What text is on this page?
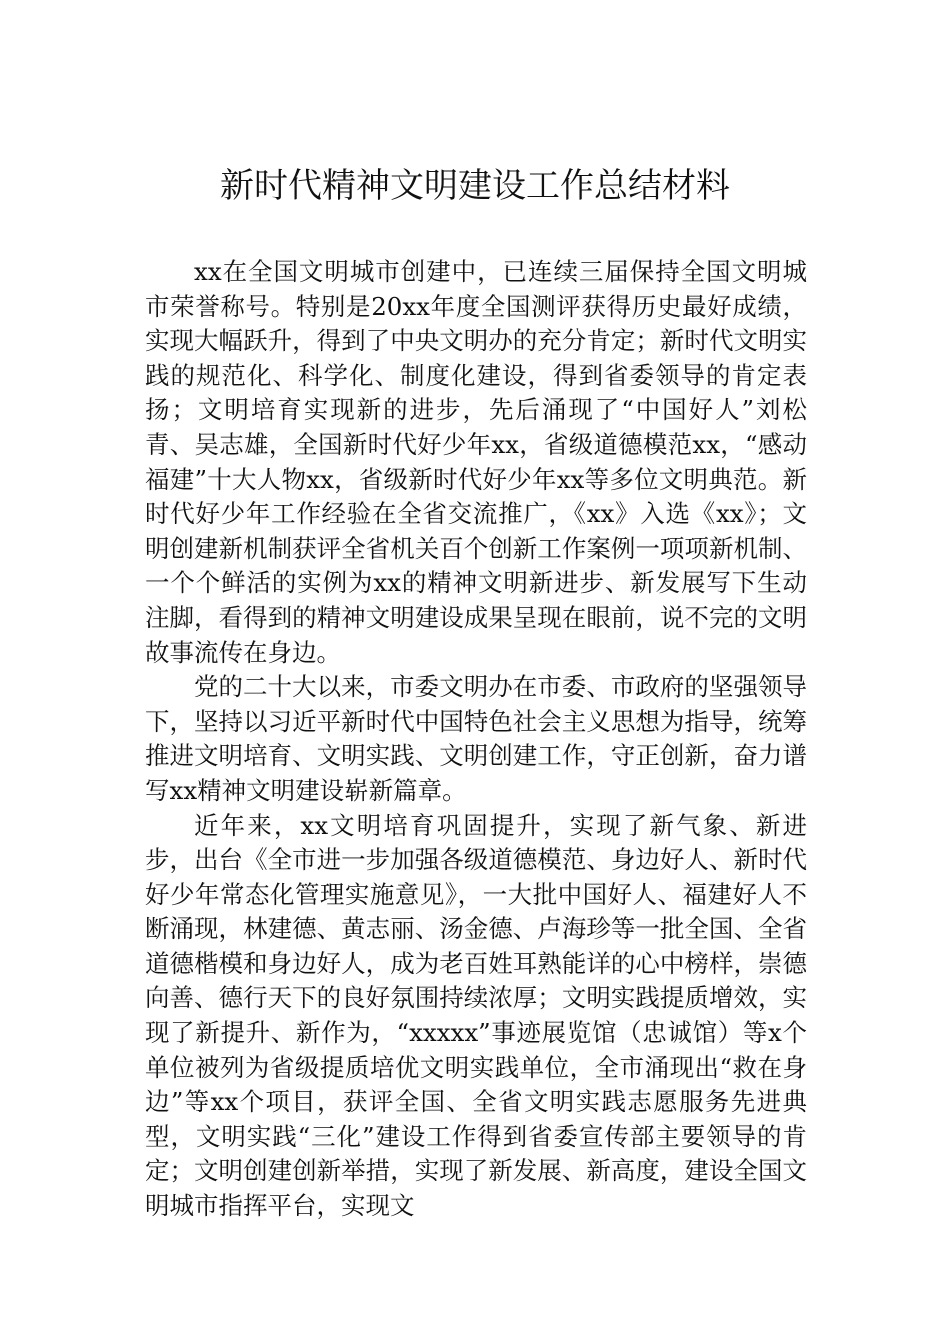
新时代精神文明建设工作总结材料

xx在全国文明城市创建中，已连续三届保持全国文明城市荣誉称号。特别是20xx年度全国测评获得历史最好成绩，实现大幅跃升，得到了中央文明办的充分肯定；新时代文明实践的规范化、科学化、制度化建设，得到省委领导的肯定表扬；文明培育实现新的进步，先后涌现了“中国好人”刘松青、吴志雄，全国新时代好少年xx，省级道德模范xx，“感动福建”十大人物xx，省级新时代好少年xx等多位文明典范。新时代好少年工作经验在全省交流推广，《xx》入选《xx》；文明创建新机制获评全省机关百个创新工作案例一项项新机制、一个个鲜活的实例为xx的精神文明新进步、新发展写下生动注脚，看得到的精神文明建设成果呈现在眼前，说不完的文明故事流传在身边。

党的二十大以来，市委文明办在市委、市政府的坚强领导下，坚持以习近平新时代中国特色社会主义思想为指导，统筹推进文明培育、文明实践、文明创建工作，守正创新，奋力谱写xx精神文明建设崭新篇章。

近年来，xx文明培育巩固提升，实现了新气象、新进步，出台《全市进一步加强各级道德模范、身边好人、新时代好少年常态化管理实施意见》，一大批中国好人、福建好人不断涌现，林建德、黄志丽、汤金德、卢海珍等一批全国、全省道德楷模和身边好人，成为老百姓耳熟能详的心中榜样，崇德向善、德行天下的良好氛围持续浓厚；文明实践提质增效，实现了新提升、新作为，“xxxxx”事迹展览馆（忠诚馆）等x个单位被列为省级提质培优文明实践单位，全市涌现出“救在身边”等xx个项目，获评全国、全省文明实践志愿服务先进典型，文明实践“三化”建设工作得到省委宣传部主要领导的肯定；文明创建创新举措，实现了新发展、新高度，建设全国文明城市指挥平台，实现文
